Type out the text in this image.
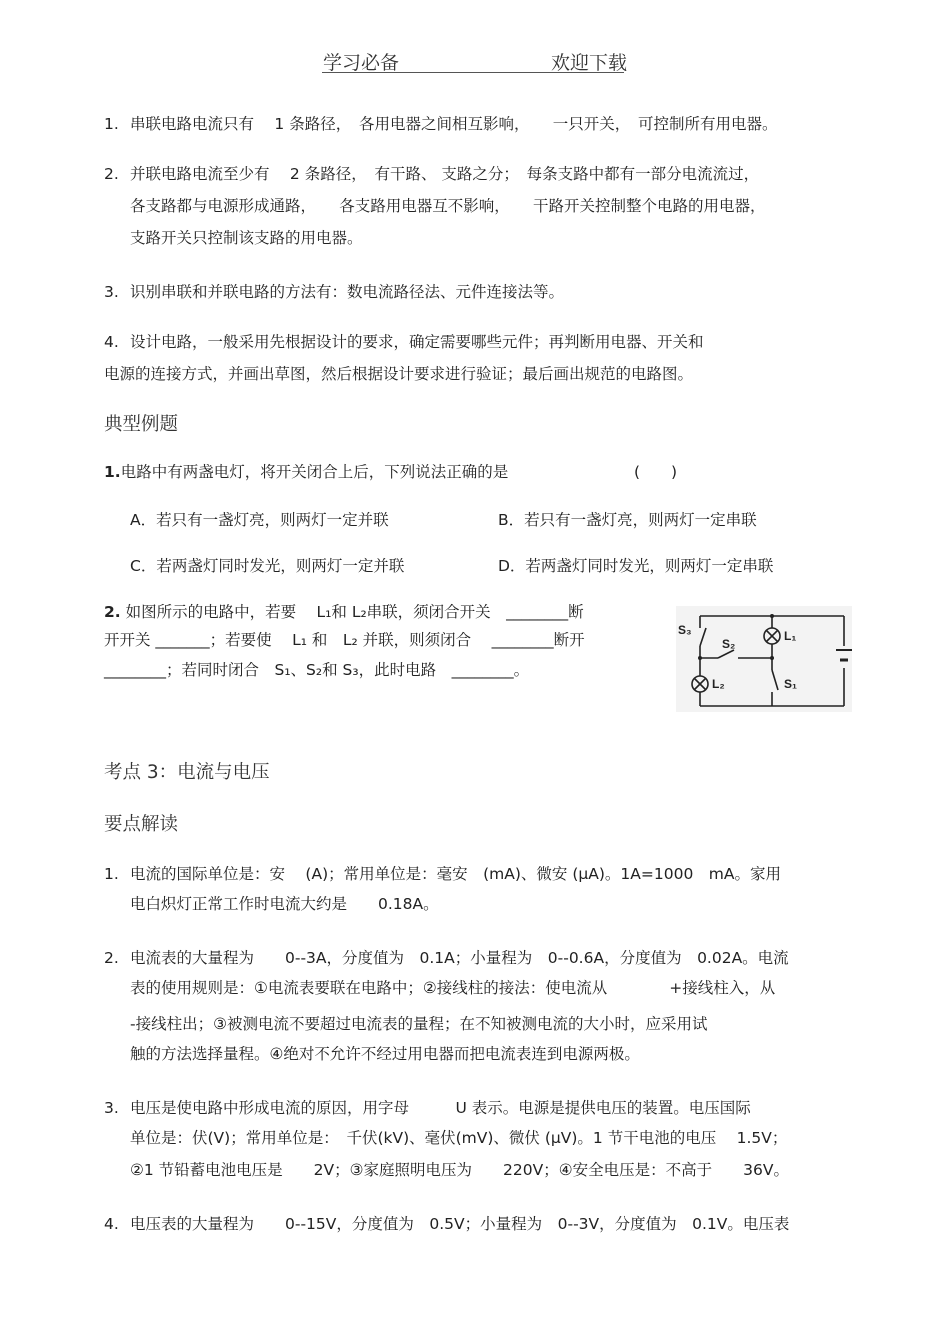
学习必备	欢迎下载
1. 串联电路电流只有　 1 条路径，　各用电器之间相互影响，　　一只开关，　可控制所有用电器。
2. 并联电路电流至少有　 2 条路径，　有干路、 支路之分；　每条支路中都有一部分电流流过，
各支路都与电源形成通路，　　各支路用电器互不影响，　　干路开关控制整个电路的用电器，
支路开关只控制该支路的用电器。
3. 识别串联和并联电路的方法有：数电流路径法、元件连接法等。
4. 设计电路，一般采用先根据设计的要求，确定需要哪些元件；再判断用电器、开关和
电源的连接方式，并画出草图，然后根据设计要求进行验证；最后画出规范的电路图。
典型例题
1.电路中有两盏电灯，将开关闭合上后，下列说法正确的是	(　　)
A．若只有一盏灯亮，则两灯一定并联	B．若只有一盏灯亮，则两灯一定串联
C．若两盏灯同时发光，则两灯一定并联	D．若两盏灯同时发光，则两灯一定串联
2. 如图所示的电路中，若要　 L₁和 L₂串联，须闭合开关　________断
开开关 _______；若要使　 L₁ 和　L₂ 并联，则须闭合　 ________断开
________；若同时闭合　S₁、S₂和 S₃，此时电路　________。
S₃
S₂
L₁
L₂	S₁
考点 3：电流与电压
要点解读
1. 电流的国际单位是：安　 (A)；常用单位是：毫安　(mA)、微安 (μA)。1A=1000　mA。家用
电白炽灯正常工作时电流大约是　　0.18A。
2. 电流表的大量程为　　0--3A，分度值为　0.1A；小量程为　0--0.6A，分度值为　0.02A。电流
表的使用规则是：①电流表要联在电路中；②接线柱的接法：使电流从　　　　+接线柱入，从
-接线柱出；③被测电流不要超过电流表的量程；在不知被测电流的大小时，应采用试
触的方法选择量程。④绝对不允许不经过用电器而把电流表连到电源两极。
3. 电压是使电路中形成电流的原因，用字母　　　U 表示。电源是提供电压的装置。电压国际
单位是：伏(V)；常用单位是：　千伏(kV)、毫伏(mV)、微伏 (μV)。1 节干电池的电压　 1.5V；
②1 节铅蓄电池电压是　　2V；③家庭照明电压为　　220V；④安全电压是：不高于　　36V。
4. 电压表的大量程为　　0--15V，分度值为　0.5V；小量程为　0--3V，分度值为　0.1V。电压表
